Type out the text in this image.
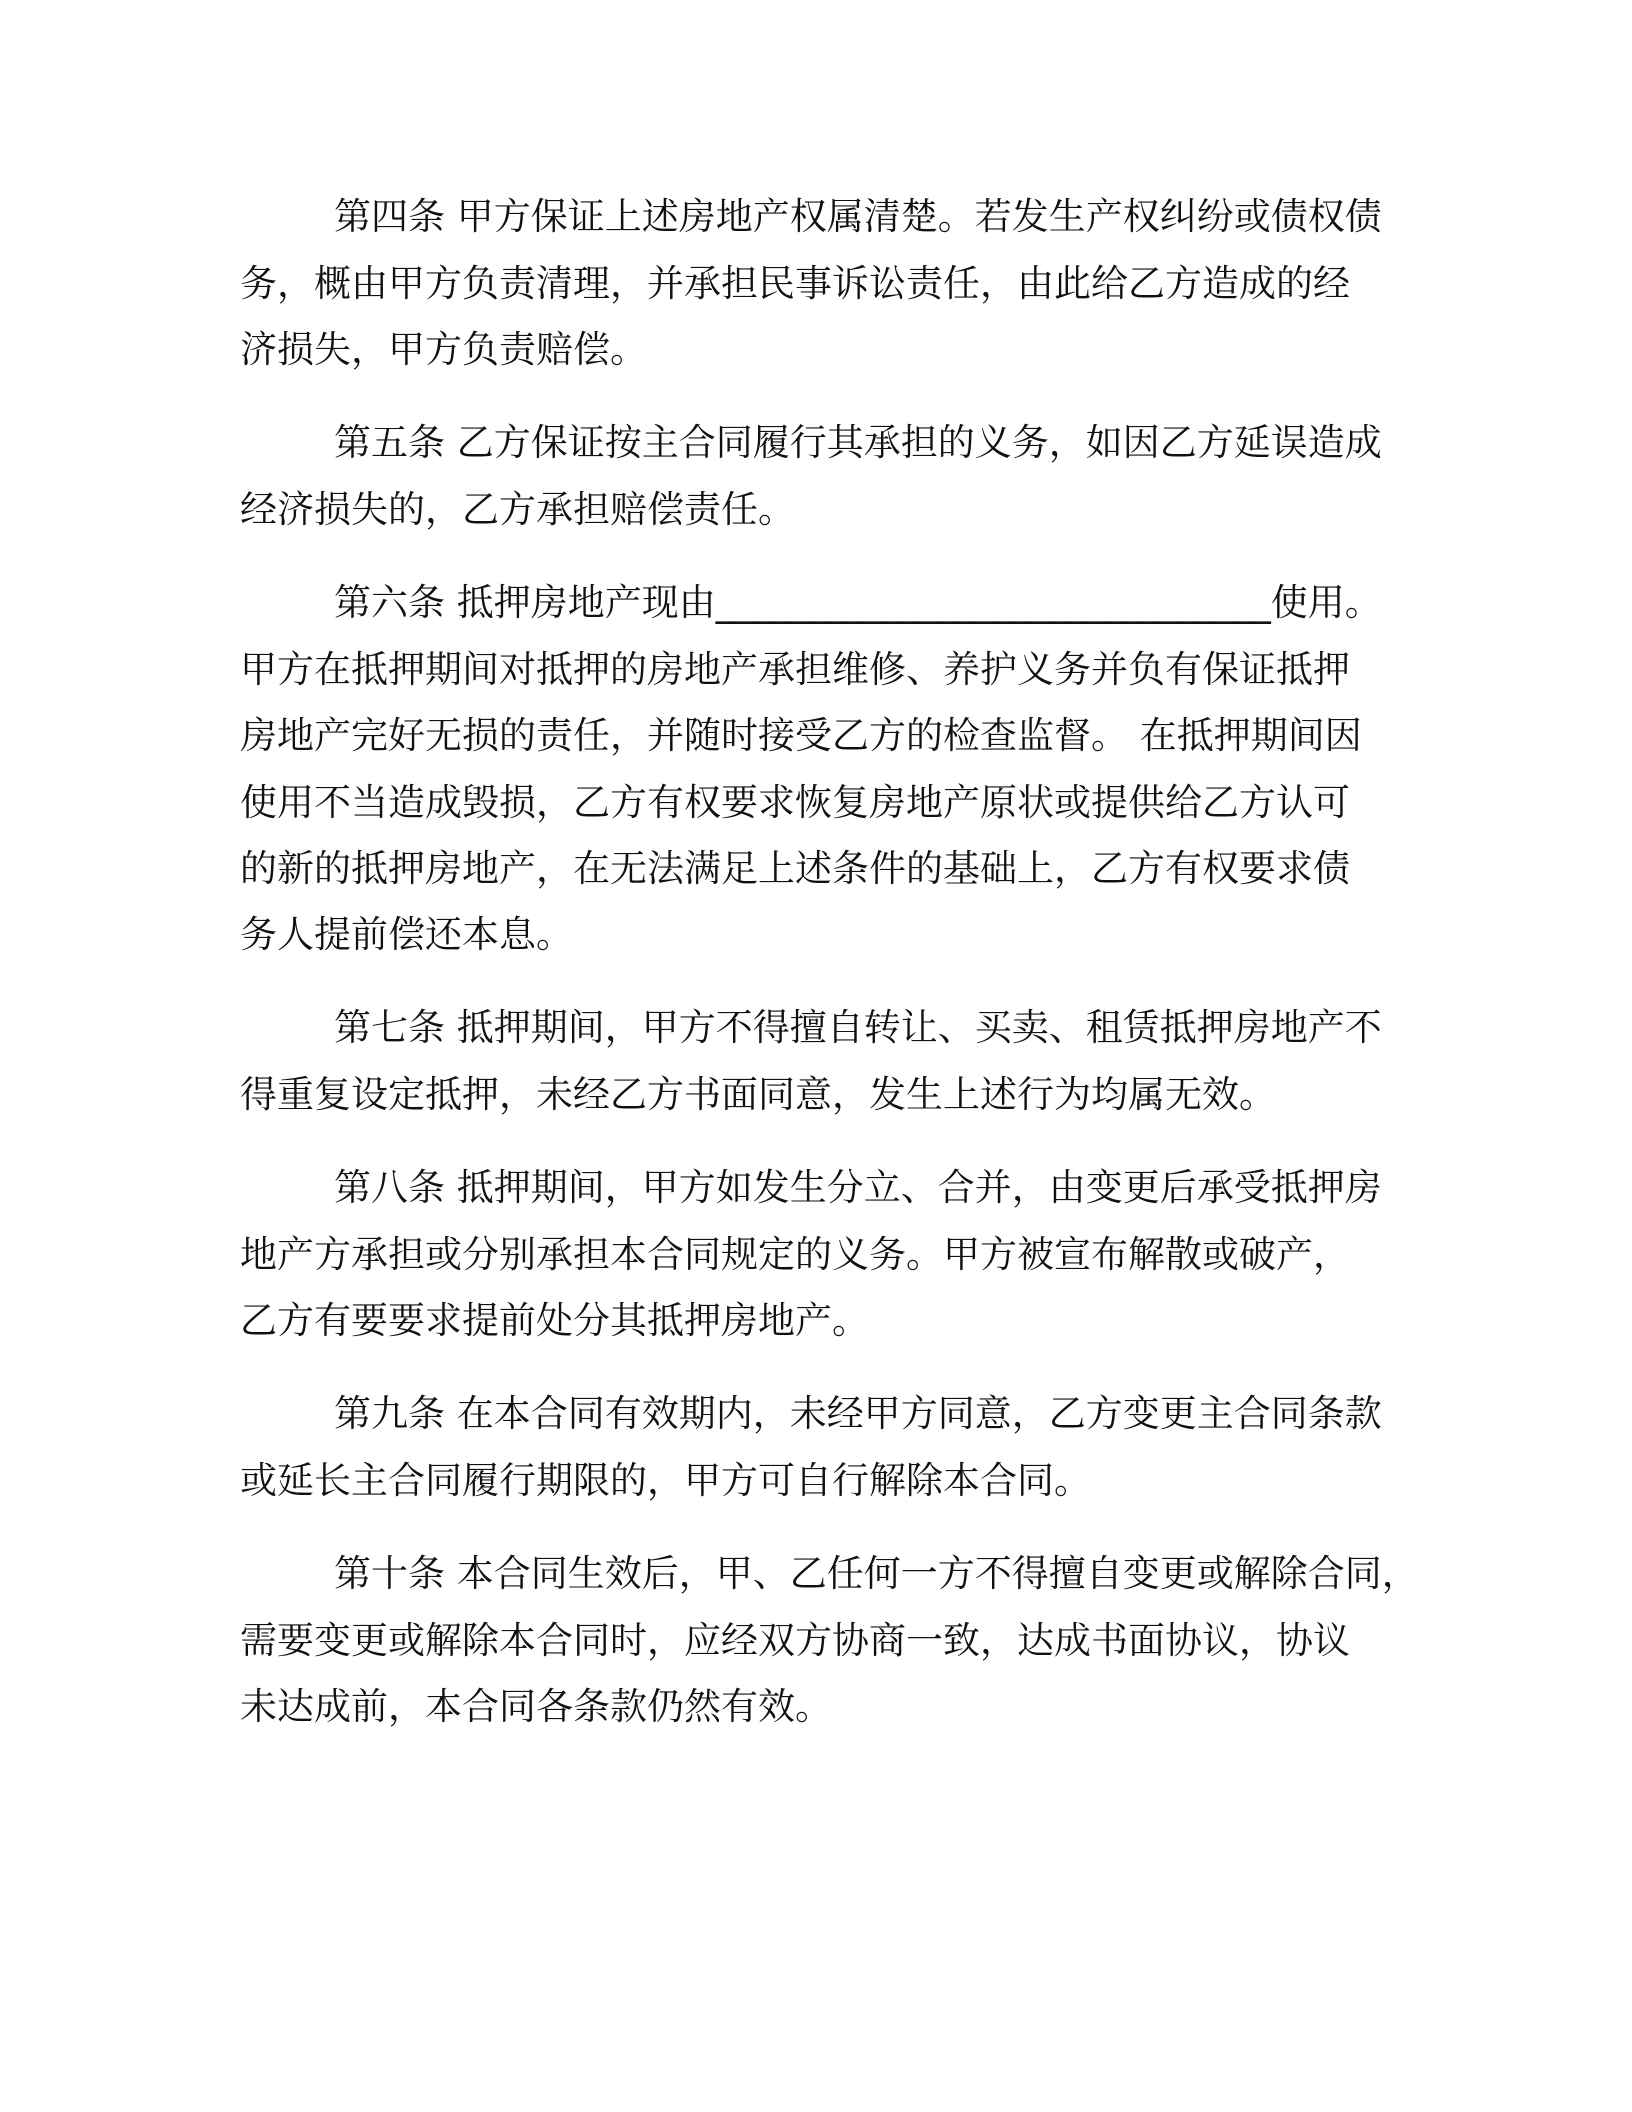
第四条 甲方保证上述房地产权属清楚。若发生产权纠纷或债权债
务，概由甲方负责清理，并承担民事诉讼责任，由此给乙方造成的经
济损失，甲方负责赔偿。
第五条 乙方保证按主合同履行其承担的义务，如因乙方延误造成
经济损失的，乙方承担赔偿责任。
第六条 抵押房地产现由______________________________使用。
甲方在抵押期间对抵押的房地产承担维修、养护义务并负有保证抵押
房地产完好无损的责任，并随时接受乙方的检查监督。 在抵押期间因
使用不当造成毁损，乙方有权要求恢复房地产原状或提供给乙方认可
的新的抵押房地产，在无法满足上述条件的基础上，乙方有权要求债
务人提前偿还本息。
第七条 抵押期间，甲方不得擅自转让、买卖、租赁抵押房地产不
得重复设定抵押，未经乙方书面同意，发生上述行为均属无效。
第八条 抵押期间，甲方如发生分立、合并，由变更后承受抵押房
地产方承担或分别承担本合同规定的义务。甲方被宣布解散或破产，
乙方有要要求提前处分其抵押房地产。
第九条 在本合同有效期内，未经甲方同意，乙方变更主合同条款
或延长主合同履行期限的，甲方可自行解除本合同。
第十条 本合同生效后，甲、乙任何一方不得擅自变更或解除合同，
需要变更或解除本合同时，应经双方协商一致，达成书面协议，协议
未达成前，本合同各条款仍然有效。
